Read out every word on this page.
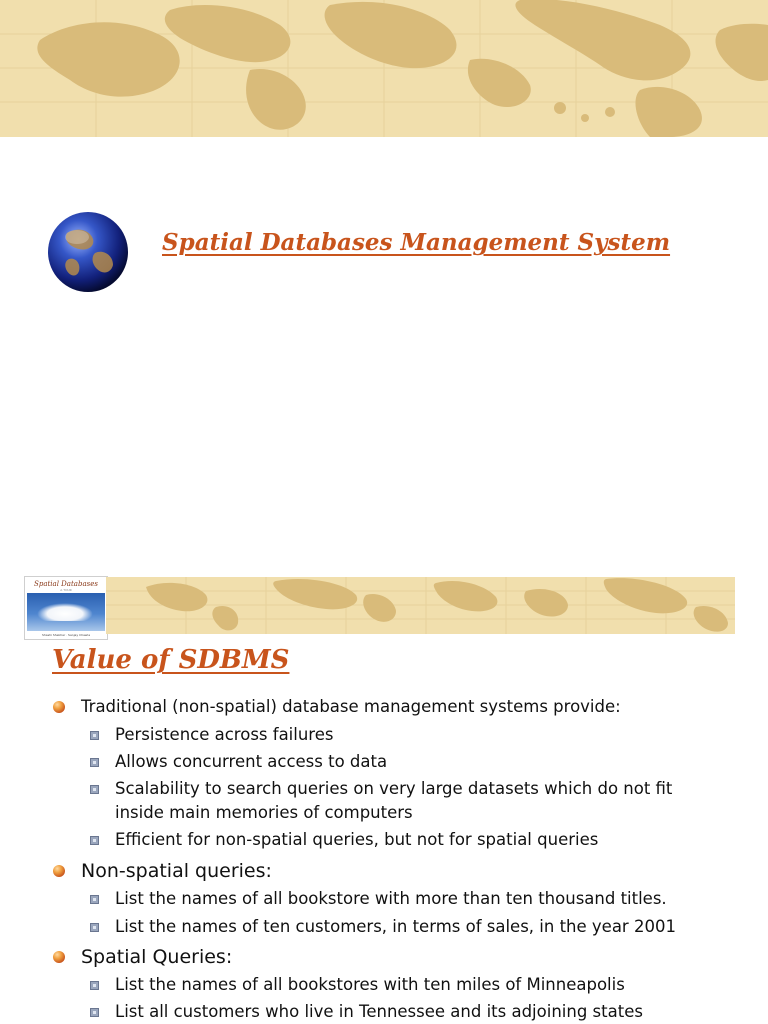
Spatial Databases Management System
Spatial Databases
A TOUR
Shashi Shekhar · Sanjay Chawla
Value of SDBMS
Traditional (non-spatial) database management systems provide:
Persistence across failures
Allows concurrent access to data
Scalability to search queries on very large datasets which do not fit
inside main memories of computers
Efficient for non-spatial queries, but not for spatial queries
Non-spatial queries:
List the names of all bookstore with more than ten thousand titles.
List the names of ten customers, in terms of sales, in the year 2001
Spatial Queries:
List the names of all bookstores with ten miles of Minneapolis
List all customers who live in Tennessee and its adjoining states
